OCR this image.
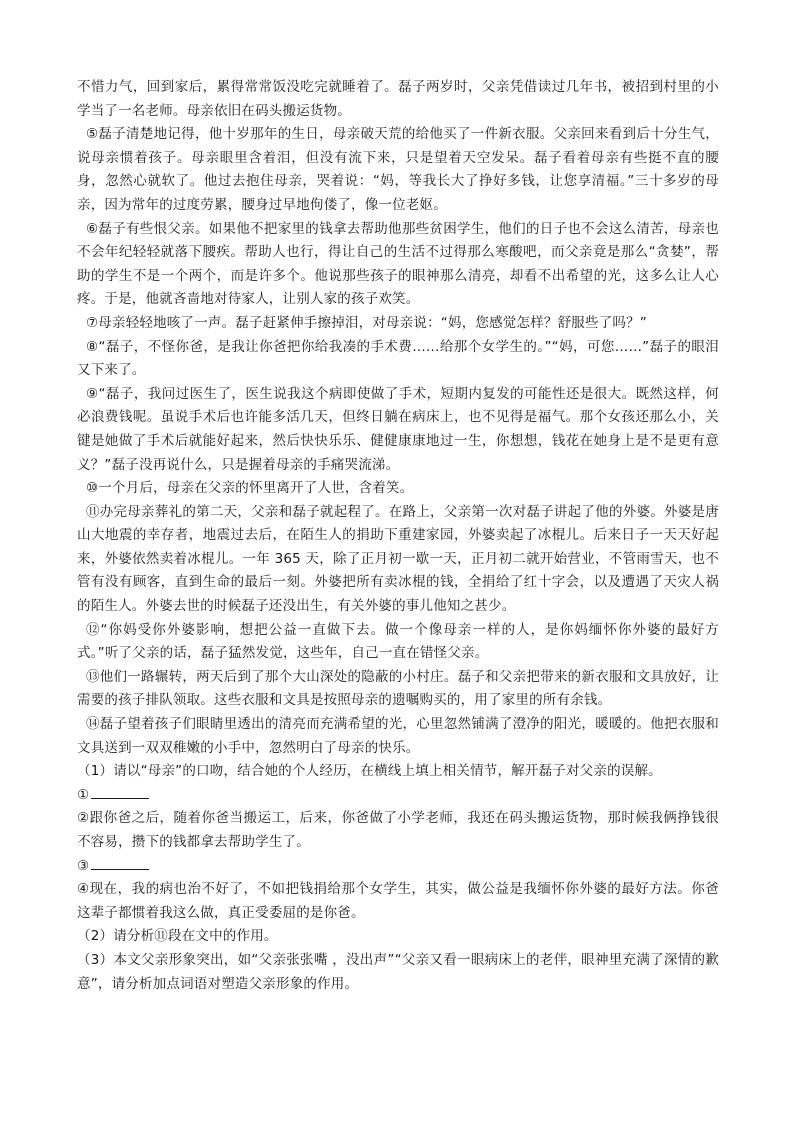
不惜力气，回到家后，累得常常饭没吃完就睡着了。磊子两岁时，父亲凭借读过几年书，被招到村里的小学当了一名老师。母亲依旧在码头搬运货物。

⑤磊子清楚地记得，他十岁那年的生日，母亲破天荒的给他买了一件新衣服。父亲回来看到后十分生气，说母亲惯着孩子。母亲眼里含着泪，但没有流下来，只是望着天空发呆。磊子看着母亲有些挺不直的腰身，忽然心就软了。他过去抱住母亲，哭着说：“妈，等我长大了挣好多钱，让您享清福。”三十多岁的母亲，因为常年的过度劳累，腰身过早地佝偻了，像一位老妪。

⑥磊子有些恨父亲。如果他不把家里的钱拿去帮助他那些贫困学生，他们的日子也不会这么清苦，母亲也不会年纪轻轻就落下腰疾。帮助人也行，得让自己的生活不过得那么寒酸吧，而父亲竟是那么“贪婪”，帮助的学生不是一个两个，而是许多个。他说那些孩子的眼神那么清亮，却看不出希望的光，这多么让人心疼。于是，他就吝啬地对待家人，让别人家的孩子欢笑。

⑦母亲轻轻地咳了一声。磊子赶紧伸手擦掉泪，对母亲说：“妈，您感觉怎样？舒服些了吗？”

⑧“磊子，不怪你爸，是我让你爸把你给我凑的手术费……给那个女学生的。”“妈，可您……”磊子的眼泪又下来了。

⑨“磊子，我问过医生了，医生说我这个病即使做了手术，短期内复发的可能性还是很大。既然这样，何必浪费钱呢。虽说手术后也许能多活几天，但终日躺在病床上，也不见得是福气。那个女孩还那么小，关键是她做了手术后就能好起来，然后快快乐乐、健健康康地过一生，你想想，钱花在她身上是不是更有意义？”磊子没再说什么，只是握着母亲的手痛哭流涕。

⑩一个月后，母亲在父亲的怀里离开了人世，含着笑。

⑪办完母亲葬礼的第二天，父亲和磊子就起程了。在路上，父亲第一次对磊子讲起了他的外婆。外婆是唐山大地震的幸存者，地震过去后，在陌生人的捐助下重建家园，外婆卖起了冰棍儿。后来日子一天天好起来，外婆依然卖着冰棍儿。一年 365 天，除了正月初一歇一天，正月初二就开始营业，不管雨雪天，也不管有没有顾客，直到生命的最后一刻。外婆把所有卖冰棍的钱，全捐给了红十字会，以及遭遇了天灾人祸的陌生人。外婆去世的时候磊子还没出生，有关外婆的事儿他知之甚少。

⑫“你妈受你外婆影响，想把公益一直做下去。做一个像母亲一样的人，是你妈缅怀你外婆的最好方式。”听了父亲的话，磊子猛然发觉，这些年，自己一直在错怪父亲。

⑬他们一路辗转，两天后到了那个大山深处的隐蔽的小村庄。磊子和父亲把带来的新衣服和文具放好，让需要的孩子排队领取。这些衣服和文具是按照母亲的遗嘱购买的，用了家里的所有余钱。

⑭磊子望着孩子们眼睛里透出的清亮而充满希望的光，心里忽然铺满了澄净的阳光，暖暖的。他把衣服和文具送到一双双稚嫩的小手中，忽然明白了母亲的快乐。

（1）请以“母亲”的口吻，结合她的个人经历，在横线上填上相关情节，解开磊子对父亲的误解。

①

②跟你爸之后，随着你爸当搬运工，后来，你爸做了小学老师，我还在码头搬运货物，那时候我俩挣钱很不容易，攒下的钱都拿去帮助学生了。

③

④现在，我的病也治不好了，不如把钱捐给那个女学生，其实，做公益是我缅怀你外婆的最好方法。你爸这辈子都惯着我这么做，真正受委屈的是你爸。

（2）请分析⑪段在文中的作用。

（3）本文父亲形象突出，如“父亲张张嘴 ，没出声”“父亲又看一眼病床上的老伴，眼神里充满了深情的歉意”，请分析加点词语对塑造父亲形象的作用。
